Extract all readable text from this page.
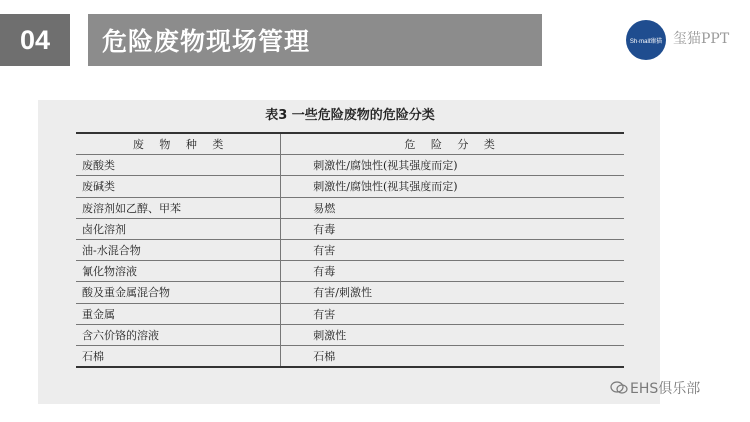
04	危险废物现场管理	Sh·mall臻猫 玺猫PPT
表3 一些危险废物的危险分类
废 物 种 类	危 险 分 类
废酸类	刺激性/腐蚀性(视其强度而定)
废碱类	刺激性/腐蚀性(视其强度而定)
废溶剂如乙醇、甲苯	易燃
卤化溶剂	有毒
油-水混合物	有害
氰化物溶液	有毒
酸及重金属混合物	有害/刺激性
重金属	有害
含六价铬的溶液	刺激性
石棉	石棉
EHS俱乐部
